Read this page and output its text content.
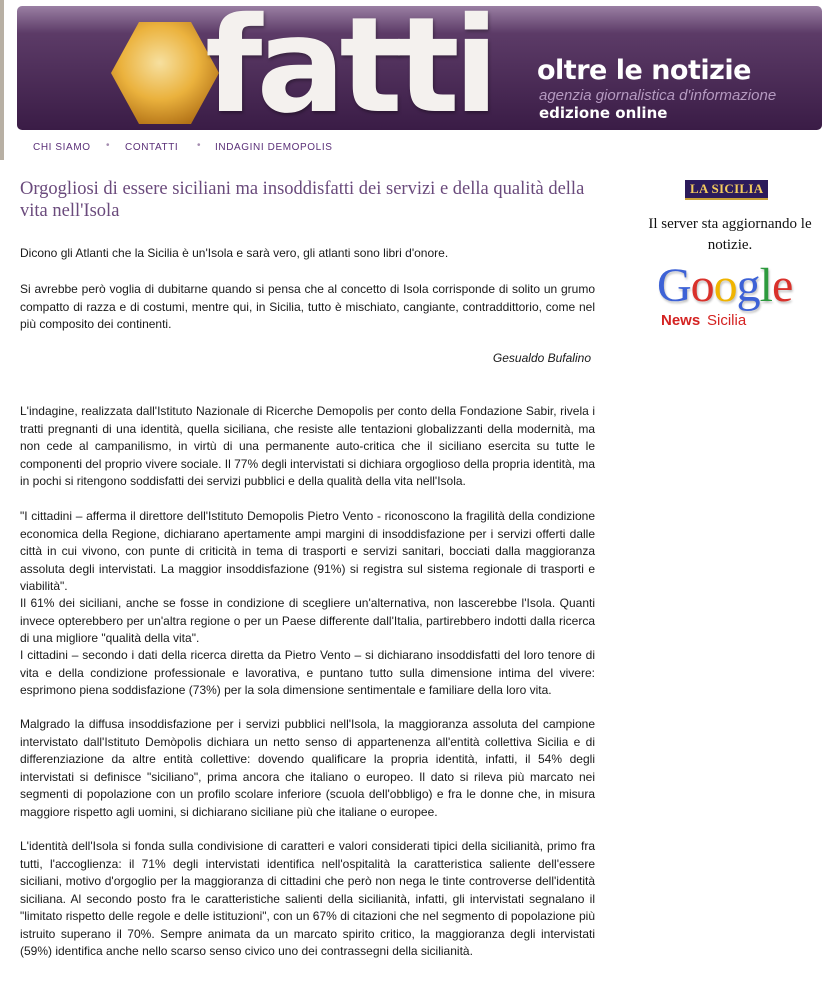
fatti oltre le notizie
agenzia giornalistica d'informazione
edizione online
CHI SIAMO • CONTATTI • INDAGINI DEMOPOLIS
Orgogliosi di essere siciliani ma insoddisfatti dei servizi e della qualità della vita nell'Isola

Dicono gli Atlanti che la Sicilia è un'Isola e sarà vero, gli atlanti sono libri d'onore.

Si avrebbe però voglia di dubitarne quando si pensa che al concetto di Isola corrisponde di solito un grumo compatto di razza e di costumi, mentre qui, in Sicilia, tutto è mischiato, cangiante, contraddittorio, come nel più composito dei continenti.

Gesualdo Bufalino

L'indagine, realizzata dall'Istituto Nazionale di Ricerche Demopolis per conto della Fondazione Sabir, rivela i tratti pregnanti di una identità, quella siciliana, che resiste alle tentazioni globalizzanti della modernità, ma non cede al campanilismo, in virtù di una permanente auto-critica che il siciliano esercita su tutte le componenti del proprio vivere sociale. Il 77% degli intervistati si dichiara orgoglioso della propria identità, ma in pochi si ritengono soddisfatti dei servizi pubblici e della qualità della vita nell'Isola.

"I cittadini – afferma il direttore dell'Istituto Demopolis Pietro Vento - riconoscono la fragilità della condizione economica della Regione, dichiarano apertamente ampi margini di insoddisfazione per i servizi offerti dalle città in cui vivono, con punte di criticità in tema di trasporti e servizi sanitari, bocciati dalla maggioranza assoluta degli intervistati. La maggior insoddisfazione (91%) si registra sul sistema regionale di trasporti e viabilità".

Il 61% dei siciliani, anche se fosse in condizione di scegliere un'alternativa, non lascerebbe l'Isola. Quanti invece opterebbero per un'altra regione o per un Paese differente dall'Italia, partirebbero indotti dalla ricerca di una migliore "qualità della vita".

I cittadini – secondo i dati della ricerca diretta da Pietro Vento – si dichiarano insoddisfatti del loro tenore di vita e della condizione professionale e lavorativa, e puntano tutto sulla dimensione intima del vivere: esprimono piena soddisfazione (73%) per la sola dimensione sentimentale e familiare della loro vita.

Malgrado la diffusa insoddisfazione per i servizi pubblici nell'Isola, la maggioranza assoluta del campione intervistato dall'Istituto Demòpolis dichiara un netto senso di appartenenza all'entità collettiva Sicilia e di differenziazione da altre entità collettive: dovendo qualificare la propria identità, infatti, il 54% degli intervistati si definisce "siciliano", prima ancora che italiano o europeo. Il dato si rileva più marcato nei segmenti di popolazione con un profilo scolare inferiore (scuola dell'obbligo) e fra le donne che, in misura maggiore rispetto agli uomini, si dichiarano siciliane più che italiane o europee.

L'identità dell'Isola si fonda sulla condivisione di caratteri e valori considerati tipici della sicilianità, primo fra tutti, l'accoglienza: il 71% degli intervistati identifica nell'ospitalità la caratteristica saliente dell'essere siciliani, motivo d'orgoglio per la maggioranza di cittadini che però non nega le tinte controverse dell'identità siciliana. Al secondo posto fra le caratteristiche salienti della sicilianità, infatti, gli intervistati segnalano il "limitato rispetto delle regole e delle istituzioni", con un 67% di citazioni che nel segmento di popolazione più istruito superano il 70%. Sempre animata da un marcato spirito critico, la maggioranza degli intervistati (59%) identifica anche nello scarso senso civico uno dei contrassegni della sicilianità.

LA SICILIA
Il server sta aggiornando le notizie.
Google
News Sicilia
